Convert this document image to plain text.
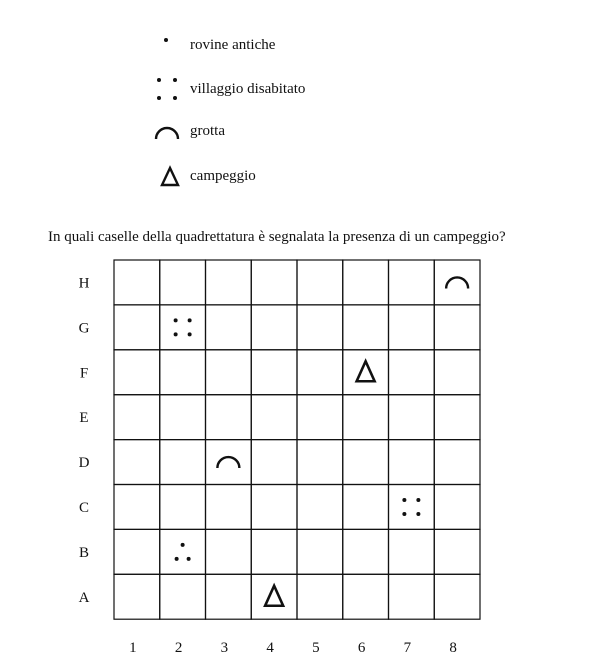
rovine antiche
villaggio disabitato
grotta
campeggio
In quali caselle della quadrettatura è segnalata la presenza di un campeggio?
H
G
F
E
D
C
B
A
1	2	3	4	5	6	7	8
